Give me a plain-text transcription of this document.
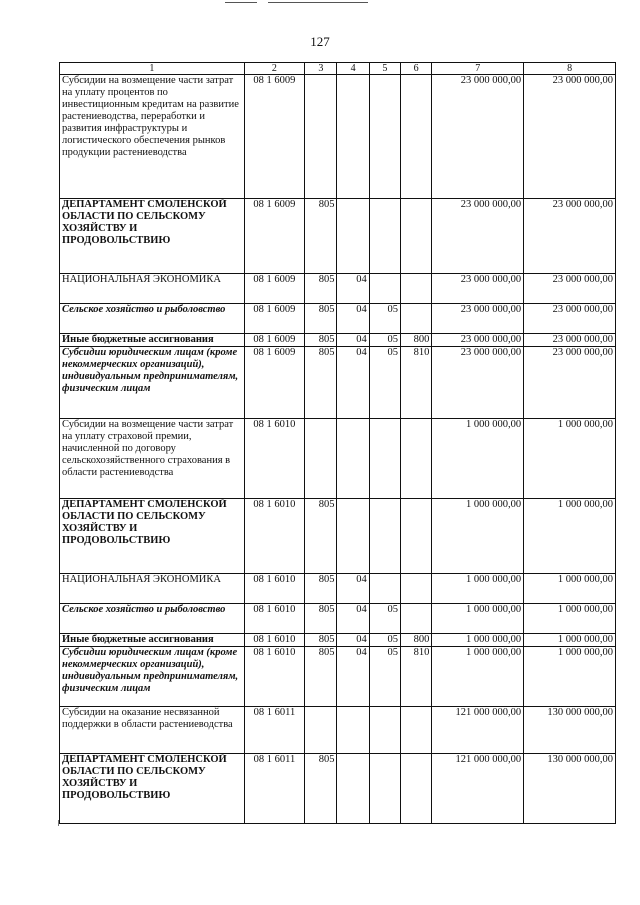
127
1	2	3	4	5	6	7	8
Субсидии на возмещение части затрат на уплату процентов по инвестиционным кредитам на развитие растениеводства, переработки и развития инфраструктуры и логистического обеспечения рынков продукции растениеводства	08 1 6009					23 000 000,00	23 000 000,00
ДЕПАРТАМЕНТ СМОЛЕНСКОЙ ОБЛАСТИ ПО СЕЛЬСКОМУ ХОЗЯЙСТВУ И ПРОДОВОЛЬСТВИЮ	08 1 6009	805				23 000 000,00	23 000 000,00
НАЦИОНАЛЬНАЯ ЭКОНОМИКА	08 1 6009	805	04			23 000 000,00	23 000 000,00
Сельское хозяйство и рыболовство	08 1 6009	805	04	05		23 000 000,00	23 000 000,00
Иные бюджетные ассигнования	08 1 6009	805	04	05	800	23 000 000,00	23 000 000,00
Субсидии юридическим лицам (кроме некоммерческих организаций), индивидуальным предпринимателям, физическим лицам	08 1 6009	805	04	05	810	23 000 000,00	23 000 000,00
Субсидии на возмещение части затрат на уплату страховой премии, начисленной по договору сельскохозяйственного страхования в области растениеводства	08 1 6010					1 000 000,00	1 000 000,00
ДЕПАРТАМЕНТ СМОЛЕНСКОЙ ОБЛАСТИ ПО СЕЛЬСКОМУ ХОЗЯЙСТВУ И ПРОДОВОЛЬСТВИЮ	08 1 6010	805				1 000 000,00	1 000 000,00
НАЦИОНАЛЬНАЯ ЭКОНОМИКА	08 1 6010	805	04			1 000 000,00	1 000 000,00
Сельское хозяйство и рыболовство	08 1 6010	805	04	05		1 000 000,00	1 000 000,00
Иные бюджетные ассигнования	08 1 6010	805	04	05	800	1 000 000,00	1 000 000,00
Субсидии юридическим лицам (кроме некоммерческих организаций), индивидуальным предпринимателям, физическим лицам	08 1 6010	805	04	05	810	1 000 000,00	1 000 000,00
Субсидии на оказание несвязанной поддержки в области растениеводства	08 1 6011					121 000 000,00	130 000 000,00
ДЕПАРТАМЕНТ СМОЛЕНСКОЙ ОБЛАСТИ ПО СЕЛЬСКОМУ ХОЗЯЙСТВУ И ПРОДОВОЛЬСТВИЮ	08 1 6011	805				121 000 000,00	130 000 000,00
